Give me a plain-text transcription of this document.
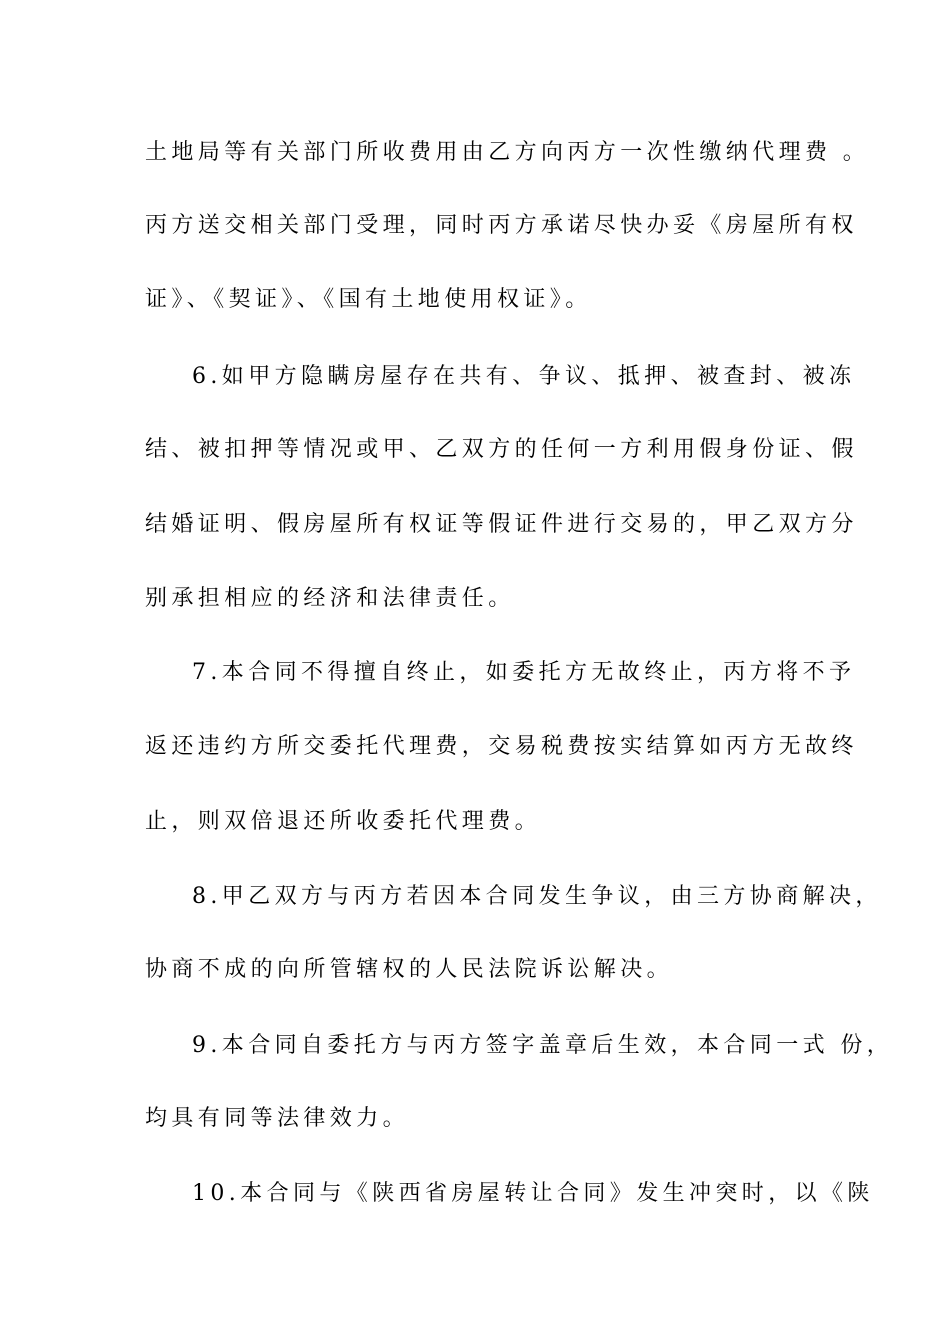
土地局等有关部门所收费用由乙方向丙方一次性缴纳代理费 。
丙方送交相关部门受理，同时丙方承诺尽快办妥《房屋所有权
证》、《契证》、《国有土地使用权证》。
6.如甲方隐瞒房屋存在共有、争议、抵押、被查封、被冻
结、被扣押等情况或甲、乙双方的任何一方利用假身份证、假
结婚证明、假房屋所有权证等假证件进行交易的，甲乙双方分
别承担相应的经济和法律责任。
7.本合同不得擅自终止，如委托方无故终止，丙方将不予
返还违约方所交委托代理费，交易税费按实结算如丙方无故终
止，则双倍退还所收委托代理费。
8.甲乙双方与丙方若因本合同发生争议，由三方协商解决，
协商不成的向所管辖权的人民法院诉讼解决。
9.本合同自委托方与丙方签字盖章后生效，本合同一式 份，
均具有同等法律效力。
10.本合同与《陕西省房屋转让合同》发生冲突时，以《陕
